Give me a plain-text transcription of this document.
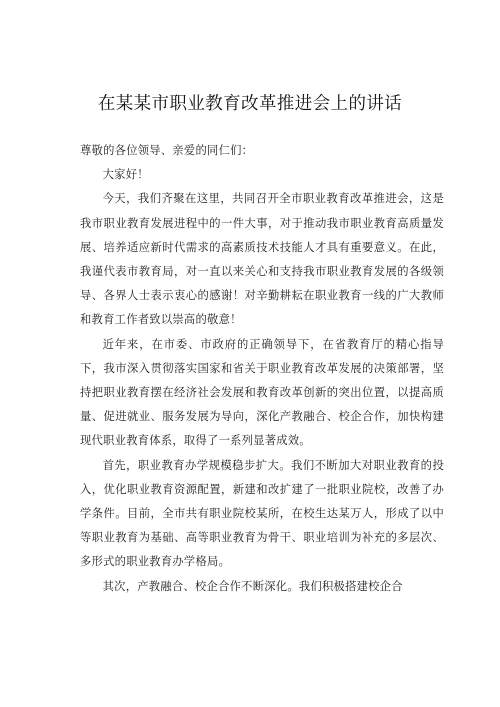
在某某市职业教育改革推进会上的讲话

尊敬的各位领导、亲爱的同仁们：

大家好！

今天，我们齐聚在这里，共同召开全市职业教育改革推进会，这是我市职业教育发展进程中的一件大事，对于推动我市职业教育高质量发展、培养适应新时代需求的高素质技术技能人才具有重要意义。在此，我谨代表市教育局，对一直以来关心和支持我市职业教育发展的各级领导、各界人士表示衷心的感谢！对辛勤耕耘在职业教育一线的广大教师和教育工作者致以崇高的敬意！

近年来，在市委、市政府的正确领导下，在省教育厅的精心指导下，我市深入贯彻落实国家和省关于职业教育改革发展的决策部署，坚持把职业教育摆在经济社会发展和教育改革创新的突出位置，以提高质量、促进就业、服务发展为导向，深化产教融合、校企合作，加快构建现代职业教育体系，取得了一系列显著成效。

首先，职业教育办学规模稳步扩大。我们不断加大对职业教育的投入，优化职业教育资源配置，新建和改扩建了一批职业院校，改善了办学条件。目前，全市共有职业院校某所，在校生达某万人，形成了以中等职业教育为基础、高等职业教育为骨干、职业培训为补充的多层次、多形式的职业教育办学格局。

其次，产教融合、校企合作不断深化。我们积极搭建校企合
